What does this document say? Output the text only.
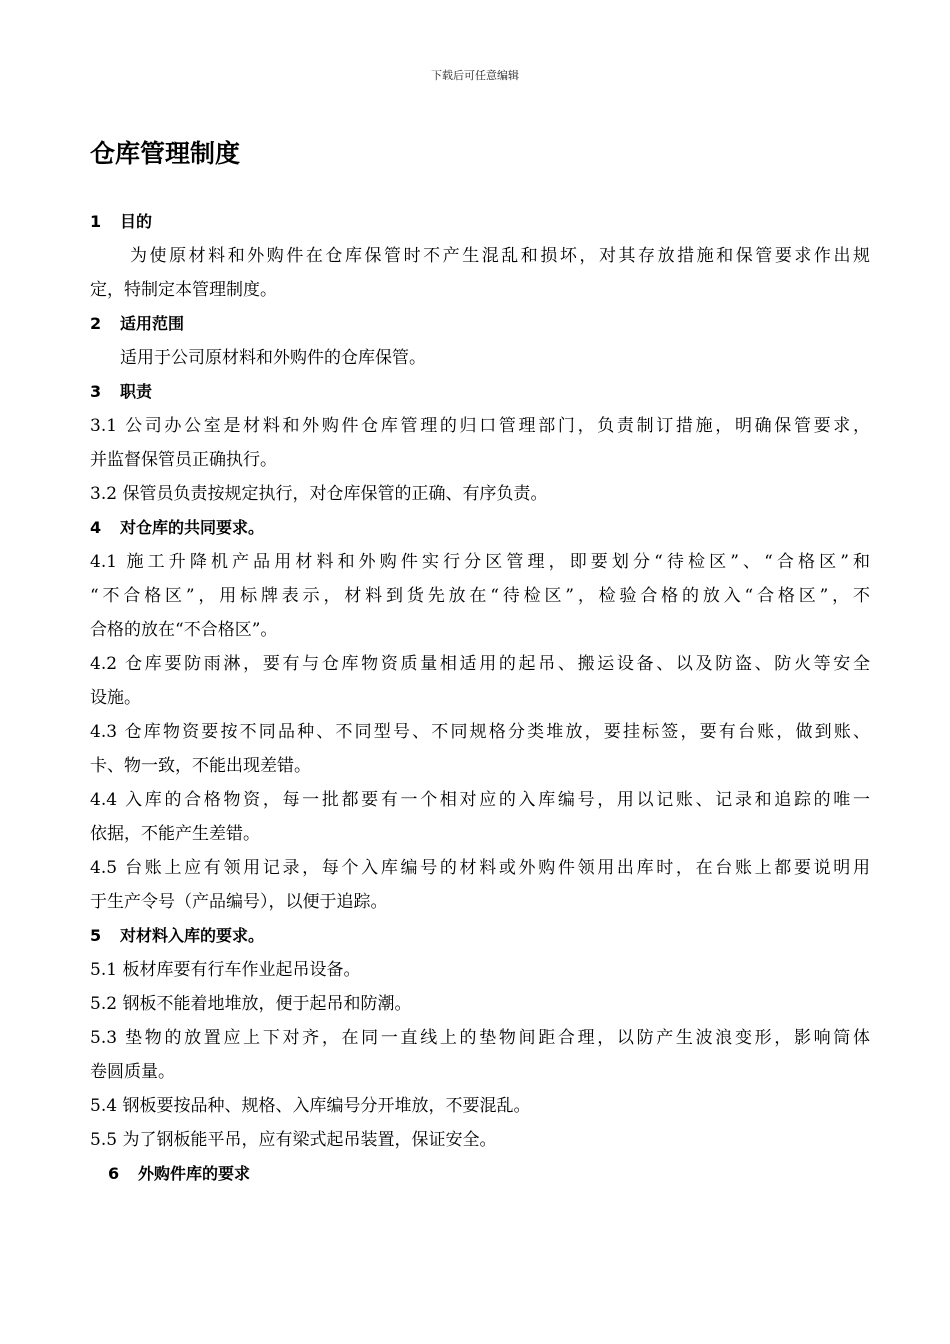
下载后可任意编辑
仓库管理制度
1 目的
为使原材料和外购件在仓库保管时不产生混乱和损坏，对其存放措施和保管要求作出规
定，特制定本管理制度。
2 适用范围
适用于公司原材料和外购件的仓库保管。
3 职责
3.1 公司办公室是材料和外购件仓库管理的归口管理部门，负责制订措施，明确保管要求，
并监督保管员正确执行。
3.2 保管员负责按规定执行，对仓库保管的正确、有序负责。
4 对仓库的共同要求。
4.1 施工升降机产品用材料和外购件实行分区管理，即要划分“待检区”、“合格区”和
“不合格区”，用标牌表示，材料到货先放在“待检区”，检验合格的放入“合格区”，不
合格的放在“不合格区”。
4.2 仓库要防雨淋，要有与仓库物资质量相适用的起吊、搬运设备、以及防盗、防火等安全
设施。
4.3 仓库物资要按不同品种、不同型号、不同规格分类堆放，要挂标签，要有台账，做到账、
卡、物一致，不能出现差错。
4.4 入库的合格物资，每一批都要有一个相对应的入库编号，用以记账、记录和追踪的唯一
依据，不能产生差错。
4.5 台账上应有领用记录，每个入库编号的材料或外购件领用出库时，在台账上都要说明用
于生产令号（产品编号），以便于追踪。
5 对材料入库的要求。
5.1 板材库要有行车作业起吊设备。
5.2 钢板不能着地堆放，便于起吊和防潮。
5.3 垫物的放置应上下对齐，在同一直线上的垫物间距合理，以防产生波浪变形，影响筒体
卷圆质量。
5.4 钢板要按品种、规格、入库编号分开堆放，不要混乱。
5.5 为了钢板能平吊，应有梁式起吊装置，保证安全。
6 外购件库的要求
